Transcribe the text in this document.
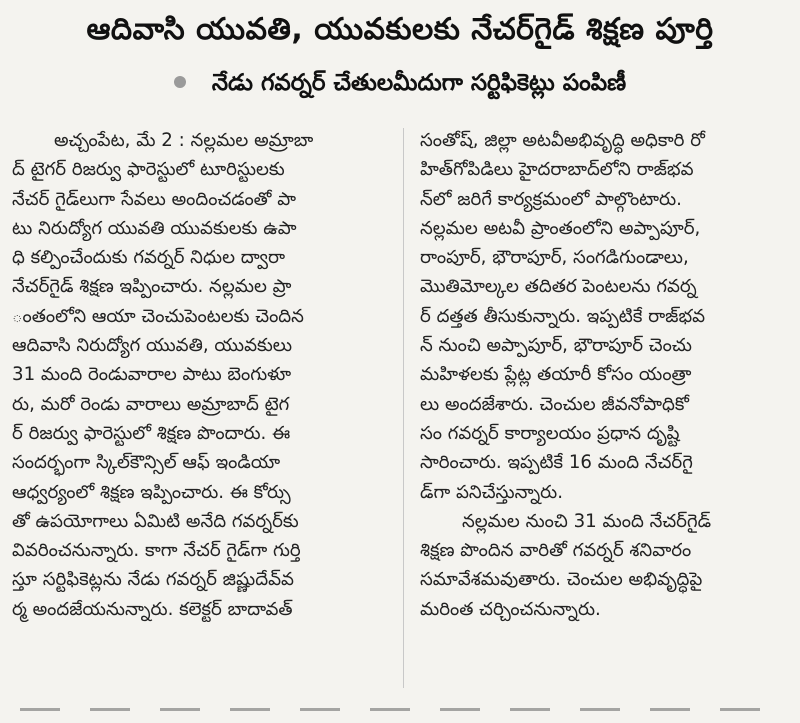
ఆదివాసి యువతి, యువకులకు నేచర్‌గైడ్ శిక్షణ పూర్తి
నేడు గవర్నర్ చేతులమీదుగా సర్టిఫికెట్లు పంపిణీ
అచ్చంపేట, మే 2 : నల్లమల అమ్రాబా
ద్ టైగర్ రిజర్వు ఫారెస్టులో టూరిస్టులకు
నేచర్ గైడ్‌లుగా సేవలు అందించడంతో పా
టు నిరుద్యోగ యువతి యువకులకు ఉపా
ధి కల్పించేందుకు గవర్నర్ నిధుల ద్వారా
నేచర్‌గైడ్ శిక్షణ ఇప్పించారు. నల్లమల ప్రా
ంతంలోని ఆయా చెంచుపెంటలకు చెందిన
ఆదివాసి నిరుద్యోగ యువతి, యువకులు
31 మంది రెండువారాల పాటు బెంగుళూ
రు, మరో రెండు వారాలు అమ్రాబాద్ టైగ
ర్ రిజర్వు ఫారెస్టులో శిక్షణ పొందారు. ఈ
సందర్భంగా స్కిల్‌కౌన్సిల్ ఆఫ్ ఇండియా
ఆధ్వర్యంలో శిక్షణ ఇప్పించారు. ఈ కోర్సు
తో ఉపయోగాలు ఏమిటి అనేది గవర్నర్‌కు
వివరించనున్నారు. కాగా నేచర్ గైడ్‌గా గుర్తి
స్తూ సర్టిఫికెట్లను నేడు గవర్నర్ జిష్ణుదేవ్‌వ
ర్మ అందజేయనున్నారు. కలెక్టర్ బాదావత్
సంతోష్, జిల్లా అటవీఅభివృద్ధి అధికారి రో
హిత్‌గోపిడిలు హైదరాబాద్‌లోని రాజ్‌భవ
న్‌లో జరిగే కార్యక్రమంలో పాల్గొంటారు.
నల్లమల అటవీ ప్రాంతంలోని అప్పాపూర్,
రాంపూర్, భౌరాపూర్, సంగడిగుండాలు,
మొతిమోల్కల తదితర పెంటలను గవర్న
ర్ దత్తత తీసుకున్నారు. ఇప్పటికే రాజ్‌భవ
న్ నుంచి అప్పాపూర్, భౌరాపూర్ చెంచు
మహిళలకు ప్లేట్ల తయారీ కోసం యంత్రా
లు అందజేశారు. చెంచుల జీవనోపాధికో
సం గవర్నర్ కార్యాలయం ప్రధాన దృష్టి
సారించారు. ఇప్పటికే 16 మంది నేచర్‌గై
డ్‌గా పనిచేస్తున్నారు.
నల్లమల నుంచి 31 మంది నేచర్‌గైడ్
శిక్షణ పొందిన వారితో గవర్నర్ శనివారం
సమావేశమవుతారు. చెంచుల అభివృద్ధిపై
మరింత చర్చించనున్నారు.
